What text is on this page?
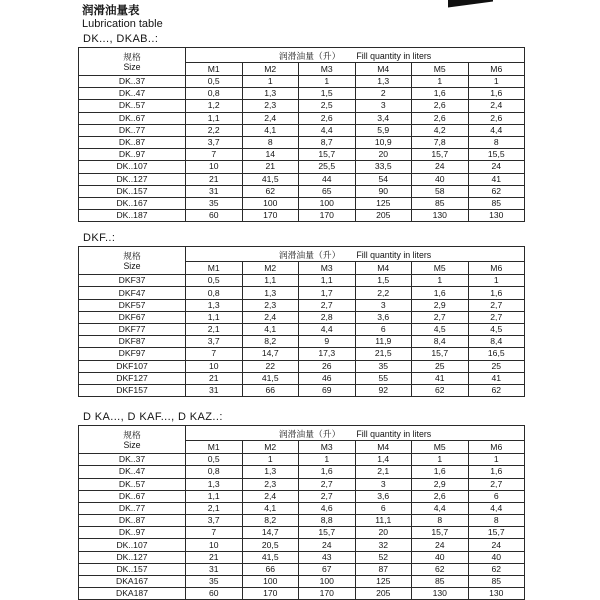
润滑油量表
Lubrication table
DK..., DKAB..:
规格
Size	润滑油量（升） Fill quantity in liters					
	M1	M2	M3	M4	M5	M6
DK..37	0,5	1	1	1,3	1	1
DK..47	0,8	1,3	1,5	2	1,6	1,6
DK..57	1,2	2,3	2,5	3	2,6	2,4
DK..67	1,1	2,4	2,6	3,4	2,6	2,6
DK..77	2,2	4,1	4,4	5,9	4,2	4,4
DK..87	3,7	8	8,7	10,9	7,8	8
DK..97	7	14	15,7	20	15,7	15,5
DK..107	10	21	25,5	33,5	24	24
DK..127	21	41,5	44	54	40	41
DK..157	31	62	65	90	58	62
DK..167	35	100	100	125	85	85
DK..187	60	170	170	205	130	130
DKF..:
规格
Size	润滑油量（升） Fill quantity in liters					
	M1	M2	M3	M4	M5	M6
DKF37	0,5	1,1	1,1	1,5	1	1
DKF47	0,8	1,3	1,7	2,2	1,6	1,6
DKF57	1,3	2,3	2,7	3	2,9	2,7
DKF67	1,1	2,4	2,8	3,6	2,7	2,7
DKF77	2,1	4,1	4,4	6	4,5	4,5
DKF87	3,7	8,2	9	11,9	8,4	8,4
DKF97	7	14,7	17,3	21,5	15,7	16,5
DKF107	10	22	26	35	25	25
DKF127	21	41,5	46	55	41	41
DKF157	31	66	69	92	62	62
D KA..., D KAF..., D KAZ..:
规格
Size	润滑油量（升） Fill quantity in liters					
	M1	M2	M3	M4	M5	M6
DK..37	0,5	1	1	1,4	1	1
DK..47	0,8	1,3	1,6	2,1	1,6	1,6
DK..57	1,3	2,3	2,7	3	2,9	2,7
DK..67	1,1	2,4	2,7	3,6	2,6	6
DK..77	2,1	4,1	4,6	6	4,4	4,4
DK..87	3,7	8,2	8,8	11,1	8	8
DK..97	7	14,7	15,7	20	15,7	15,7
DK..107	10	20,5	24	32	24	24
DK..127	21	41,5	43	52	40	40
DK..157	31	66	67	87	62	62
DKA167	35	100	100	125	85	85
DKA187	60	170	170	205	130	130
